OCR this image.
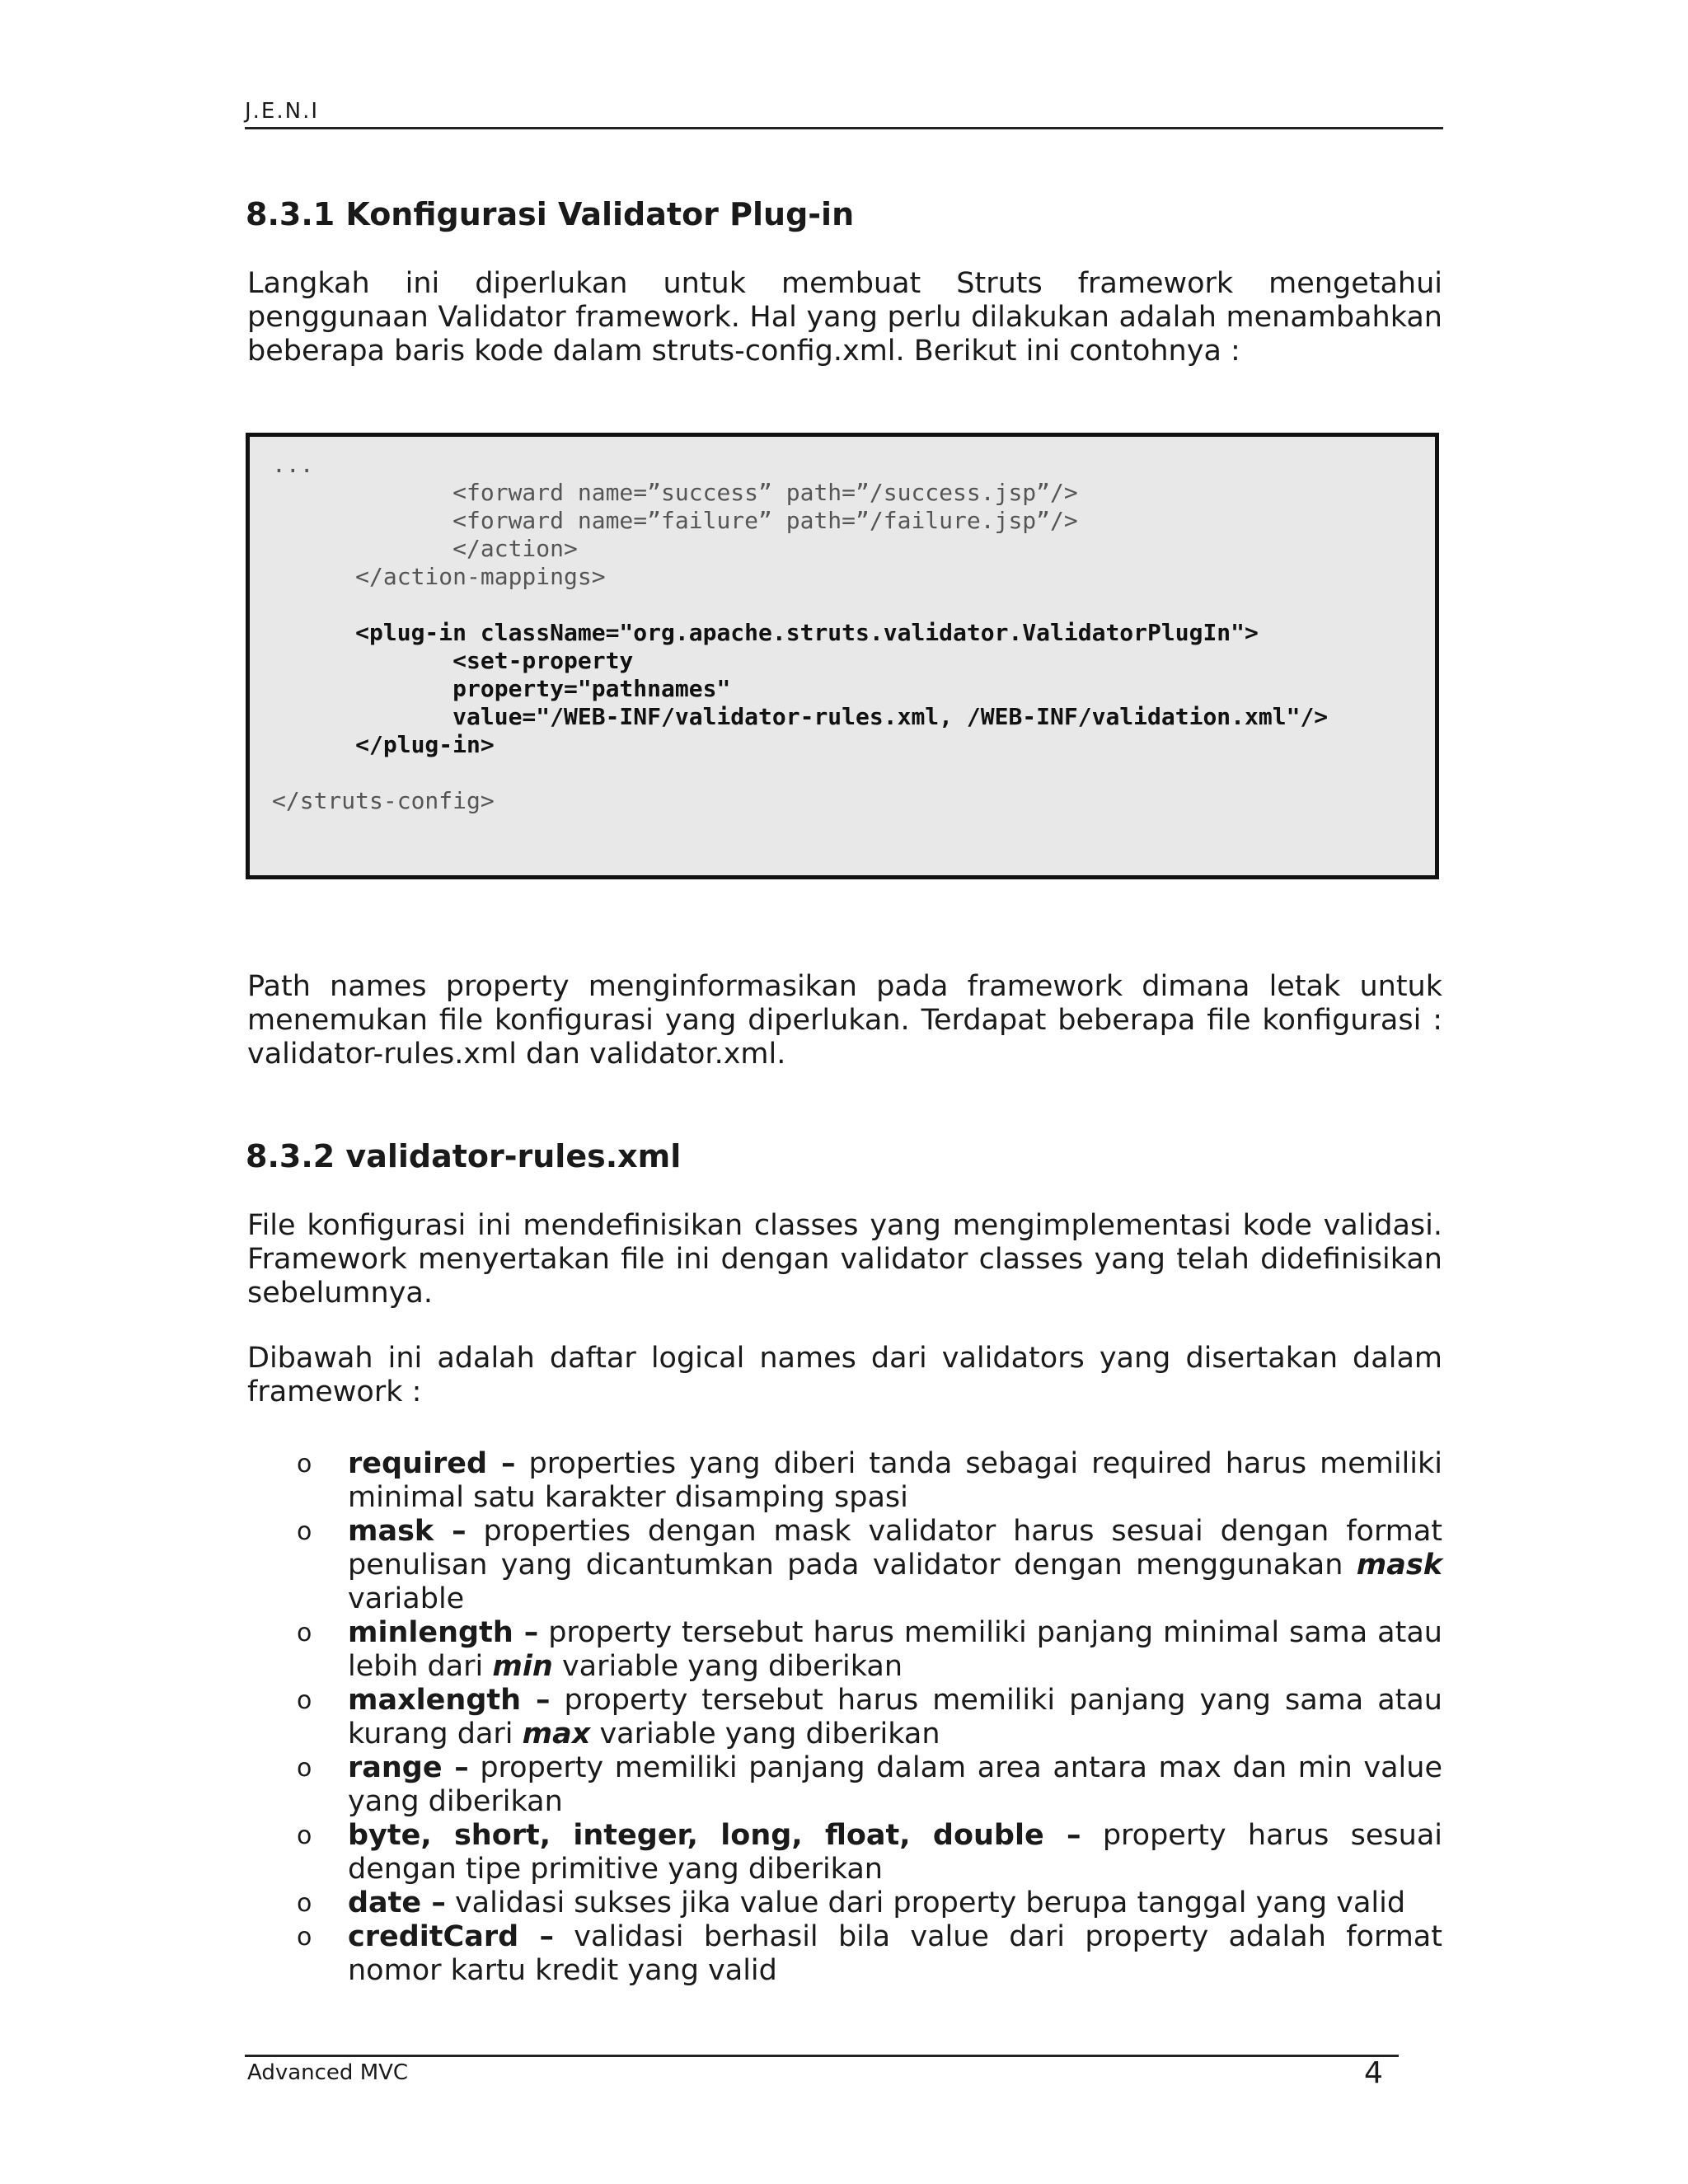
J.E.N.I
8.3.1 Konfigurasi Validator Plug-in
Langkah ini diperlukan untuk membuat Struts framework mengetahui penggunaan Validator framework. Hal yang perlu dilakukan adalah menambahkan beberapa baris kode dalam struts-config.xml. Berikut ini contohnya :
...
<forward name=”success” path=”/success.jsp”/>
<forward name=”failure” path=”/failure.jsp”/>
</action>
</action-mappings>

<plug-in className="org.apache.struts.validator.ValidatorPlugIn">
<set-property
property="pathnames"
value="/WEB-INF/validator-rules.xml, /WEB-INF/validation.xml"/>
</plug-in>

</struts-config>
Path names property menginformasikan pada framework dimana letak untuk menemukan file konfigurasi yang diperlukan. Terdapat beberapa file konfigurasi : validator-rules.xml dan validator.xml.
8.3.2 validator-rules.xml
File konfigurasi ini mendefinisikan classes yang mengimplementasi kode validasi. Framework menyertakan file ini dengan validator classes yang telah didefinisikan sebelumnya.
Dibawah ini adalah daftar logical names dari validators yang disertakan dalam framework :
o required – properties yang diberi tanda sebagai required harus memiliki minimal satu karakter disamping spasi
o mask – properties dengan mask validator harus sesuai dengan format penulisan yang dicantumkan pada validator dengan menggunakan mask variable
o minlength – property tersebut harus memiliki panjang minimal sama atau lebih dari min variable yang diberikan
o maxlength – property tersebut harus memiliki panjang yang sama atau kurang dari max variable yang diberikan
o range – property memiliki panjang dalam area antara max dan min value yang diberikan
o byte, short, integer, long, float, double – property harus sesuai dengan tipe primitive yang diberikan
o date – validasi sukses jika value dari property berupa tanggal yang valid
o creditCard – validasi berhasil bila value dari property adalah format nomor kartu kredit yang valid
Advanced MVC	4
